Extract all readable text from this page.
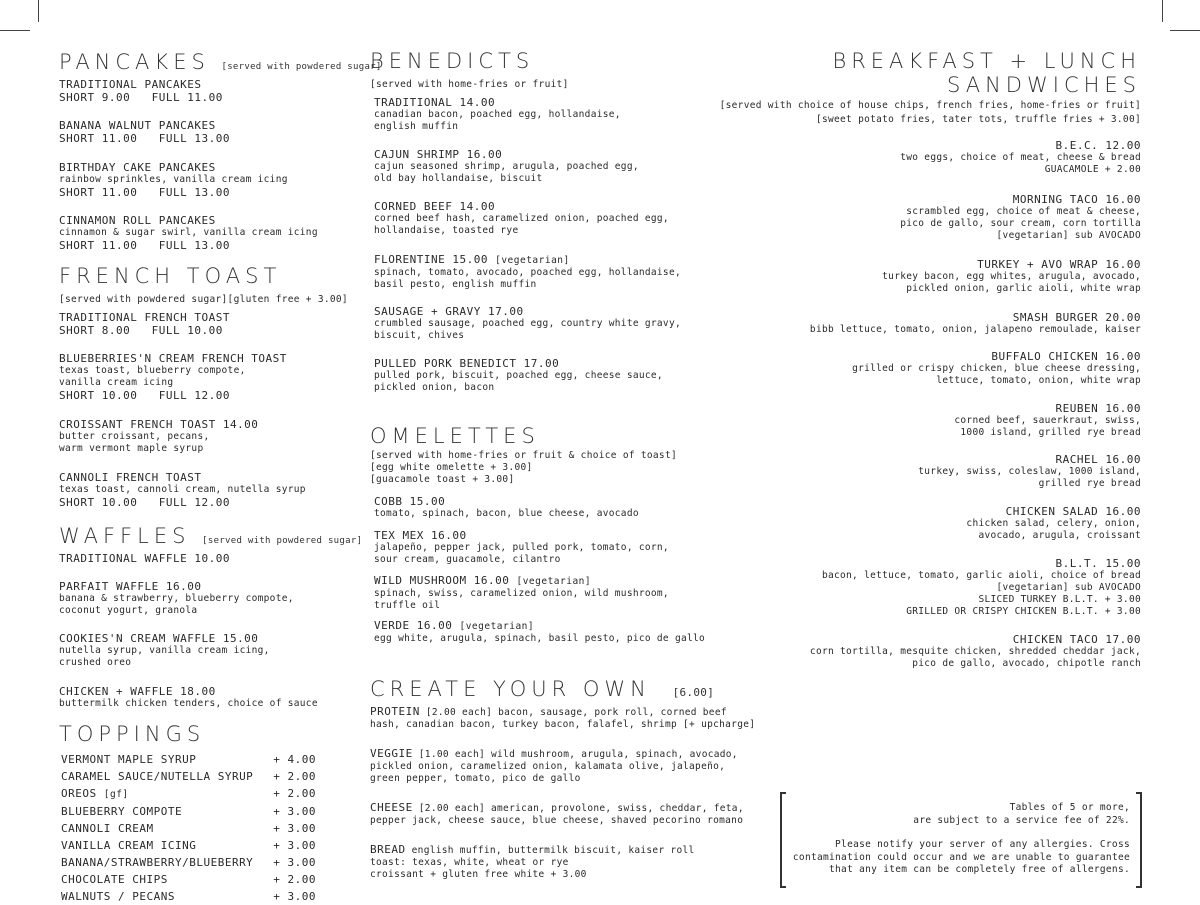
PANCAKES [served with powdered sugar]
TRADITIONAL PANCAKES
SHORT 9.00   FULL 11.00
BANANA WALNUT PANCAKES
SHORT 11.00   FULL 13.00
BIRTHDAY CAKE PANCAKES
rainbow sprinkles, vanilla cream icing
SHORT 11.00   FULL 13.00
CINNAMON ROLL PANCAKES
cinnamon & sugar swirl, vanilla cream icing
SHORT 11.00   FULL 13.00
FRENCH TOAST
[served with powdered sugar][gluten free + 3.00]
TRADITIONAL FRENCH TOAST
SHORT 8.00   FULL 10.00
BLUEBERRIES'N CREAM FRENCH TOAST
texas toast, blueberry compote,
vanilla cream icing
SHORT 10.00   FULL 12.00
CROISSANT FRENCH TOAST 14.00
butter croissant, pecans,
warm vermont maple syrup
CANNOLI FRENCH TOAST
texas toast, cannoli cream, nutella syrup
SHORT 10.00   FULL 12.00
WAFFLES [served with powdered sugar]
TRADITIONAL WAFFLE 10.00
PARFAIT WAFFLE 16.00
banana & strawberry, blueberry compote,
coconut yogurt, granola
COOKIES'N CREAM WAFFLE 15.00
nutella syrup, vanilla cream icing,
crushed oreo
CHICKEN + WAFFLE 18.00
buttermilk chicken tenders, choice of sauce
TOPPINGS
VERMONT MAPLE SYRUP	+ 4.00
CARAMEL SAUCE/NUTELLA SYRUP + 2.00
OREOS [gf]	+ 2.00
BLUEBERRY COMPOTE	+ 3.00
CANNOLI CREAM	+ 3.00
VANILLA CREAM ICING	+ 3.00
BANANA/STRAWBERRY/BLUEBERRY + 3.00
CHOCOLATE CHIPS	+ 2.00
WALNUTS / PECANS	+ 3.00
BENEDICTS
[served with home-fries or fruit]
TRADITIONAL 14.00
canadian bacon, poached egg, hollandaise,
english muffin
CAJUN SHRIMP 16.00
cajun seasoned shrimp, arugula, poached egg,
old bay hollandaise, biscuit
CORNED BEEF 14.00
corned beef hash, caramelized onion, poached egg,
hollandaise, toasted rye
FLORENTINE 15.00 [vegetarian]
spinach, tomato, avocado, poached egg, hollandaise,
basil pesto, english muffin
SAUSAGE + GRAVY 17.00
crumbled sausage, poached egg, country white gravy,
biscuit, chives
PULLED PORK BENEDICT 17.00
pulled pork, biscuit, poached egg, cheese sauce,
pickled onion, bacon
OMELETTES
[served with home-fries or fruit & choice of toast]
[egg white omelette + 3.00]
[guacamole toast + 3.00]
COBB 15.00
tomato, spinach, bacon, blue cheese, avocado
TEX MEX 16.00
jalapeño, pepper jack, pulled pork, tomato, corn,
sour cream, guacamole, cilantro
WILD MUSHROOM 16.00 [vegetarian]
spinach, swiss, caramelized onion, wild mushroom,
truffle oil
VERDE 16.00 [vegetarian]
egg white, arugula, spinach, basil pesto, pico de gallo
CREATE YOUR OWN [6.00]
PROTEIN [2.00 each] bacon, sausage, pork roll, corned beef
hash, canadian bacon, turkey bacon, falafel, shrimp [+ upcharge]
VEGGIE [1.00 each] wild mushroom, arugula, spinach, avocado,
pickled onion, caramelized onion, kalamata olive, jalapeño,
green pepper, tomato, pico de gallo
CHEESE [2.00 each] american, provolone, swiss, cheddar, feta,
pepper jack, cheese sauce, blue cheese, shaved pecorino romano
BREAD english muffin, buttermilk biscuit, kaiser roll
toast: texas, white, wheat or rye
croissant + gluten free white + 3.00
BREAKFAST + LUNCH
SANDWICHES
[served with choice of house chips, french fries, home-fries or fruit]
[sweet potato fries, tater tots, truffle fries + 3.00]
B.E.C. 12.00
two eggs, choice of meat, cheese & bread
GUACAMOLE + 2.00
MORNING TACO 16.00
scrambled egg, choice of meat & cheese,
pico de gallo, sour cream, corn tortilla
[vegetarian] sub AVOCADO
TURKEY + AVO WRAP 16.00
turkey bacon, egg whites, arugula, avocado,
pickled onion, garlic aioli, white wrap
SMASH BURGER 20.00
bibb lettuce, tomato, onion, jalapeno remoulade, kaiser
BUFFALO CHICKEN 16.00
grilled or crispy chicken, blue cheese dressing,
lettuce, tomato, onion, white wrap
REUBEN 16.00
corned beef, sauerkraut, swiss,
1000 island, grilled rye bread
RACHEL 16.00
turkey, swiss, coleslaw, 1000 island,
grilled rye bread
CHICKEN SALAD 16.00
chicken salad, celery, onion,
avocado, arugula, croissant
B.L.T. 15.00
bacon, lettuce, tomato, garlic aioli, choice of bread
[vegetarian] sub AVOCADO
SLICED TURKEY B.L.T. + 3.00
GRILLED OR CRISPY CHICKEN B.L.T. + 3.00
CHICKEN TACO 17.00
corn tortilla, mesquite chicken, shredded cheddar jack,
pico de gallo, avocado, chipotle ranch
Tables of 5 or more,
are subject to a service fee of 22%.
Please notify your server of any allergies. Cross
contamination could occur and we are unable to guarantee
that any item can be completely free of allergens.
